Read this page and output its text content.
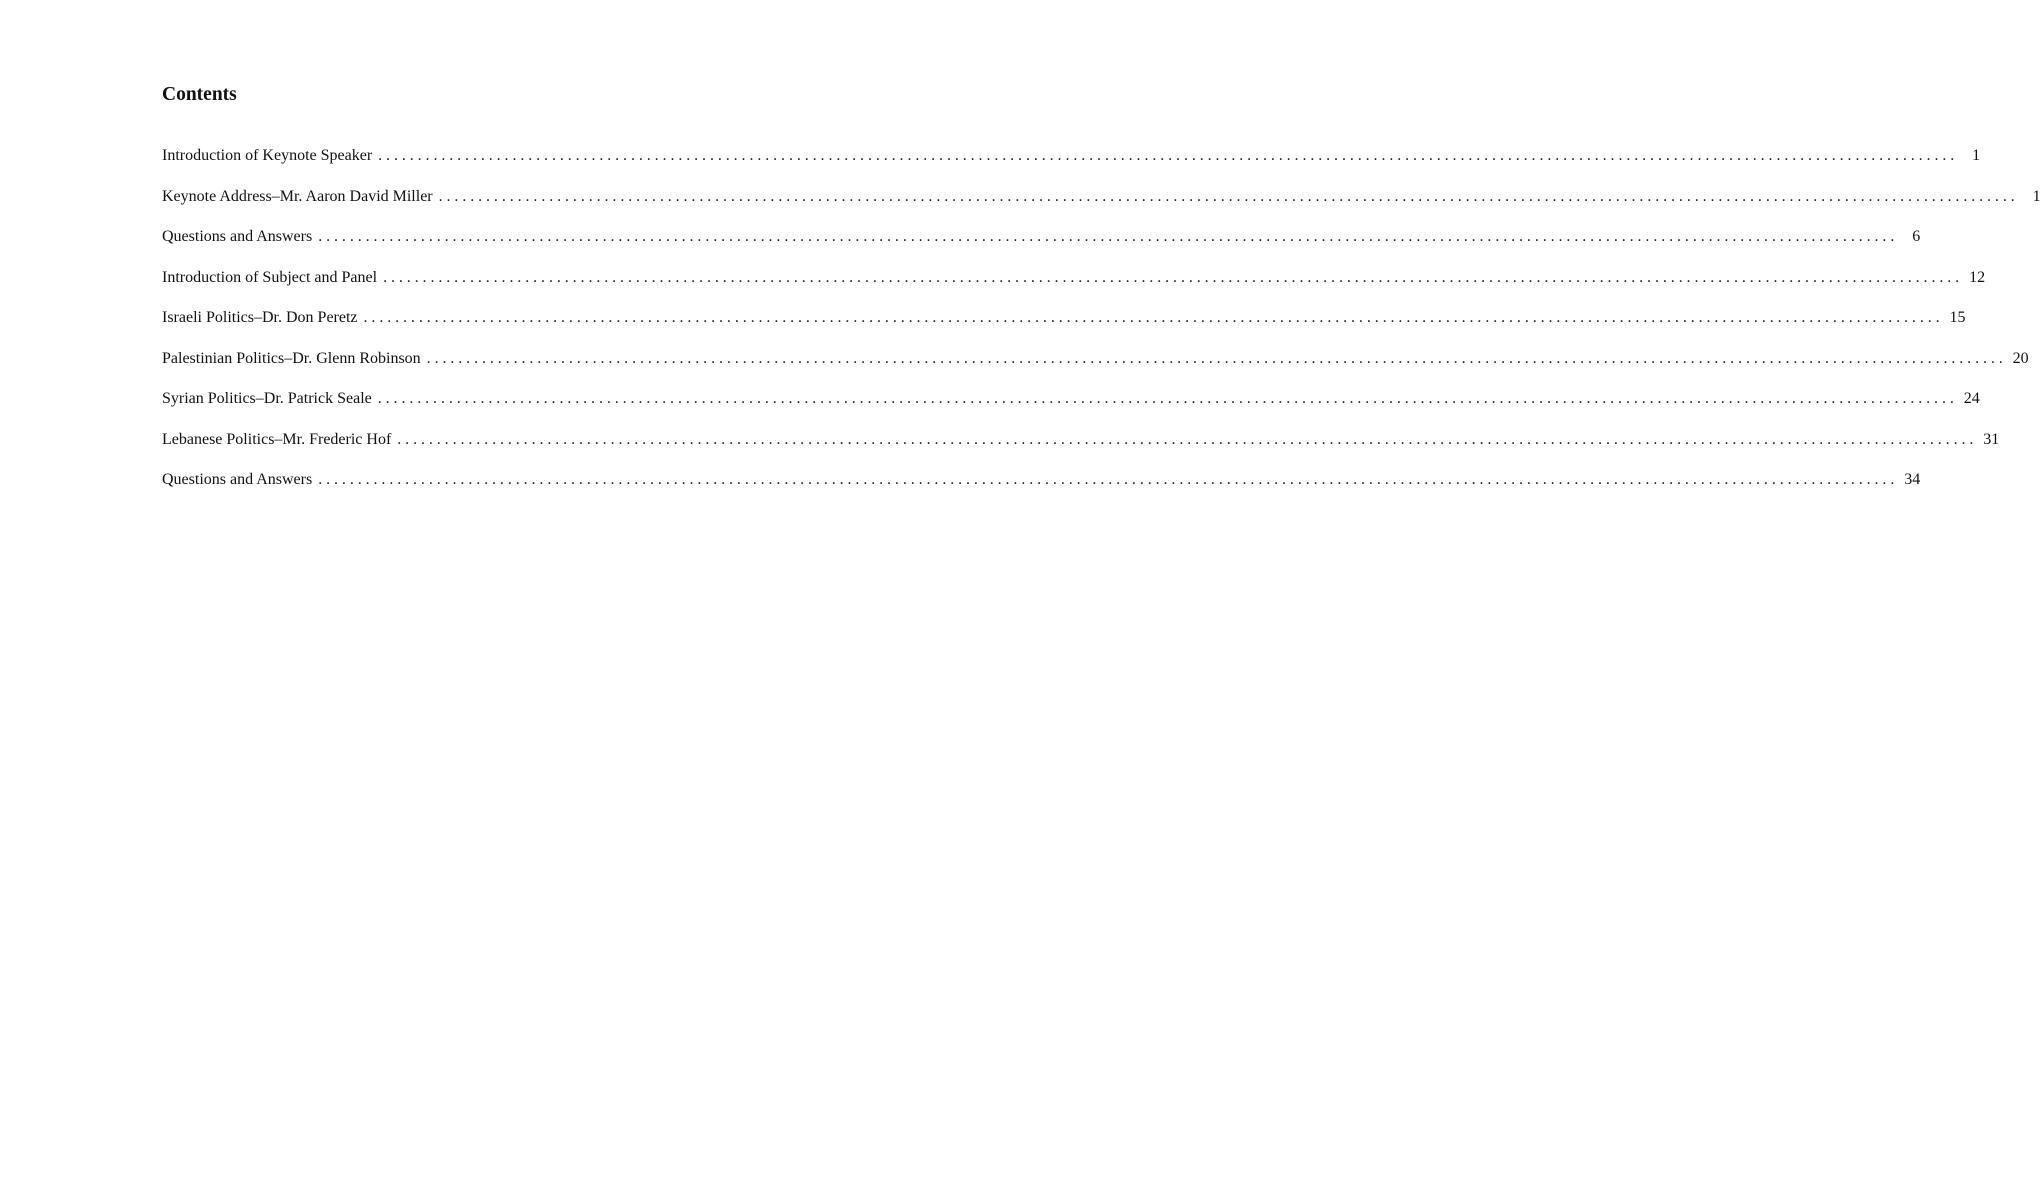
Contents
Introduction of Keynote Speaker ........................................................................................................................................................................................................ 1
Keynote Address–Mr. Aaron David Miller ........................................................................................................................................................................................................ 1
Questions and Answers ........................................................................................................................................................................................................ 6
Introduction of Subject and Panel ........................................................................................................................................................................................................ 12
Israeli Politics–Dr. Don Peretz ........................................................................................................................................................................................................ 15
Palestinian Politics–Dr. Glenn Robinson ........................................................................................................................................................................................................ 20
Syrian Politics–Dr. Patrick Seale ........................................................................................................................................................................................................ 24
Lebanese Politics–Mr. Frederic Hof ........................................................................................................................................................................................................ 31
Questions and Answers ........................................................................................................................................................................................................ 34
